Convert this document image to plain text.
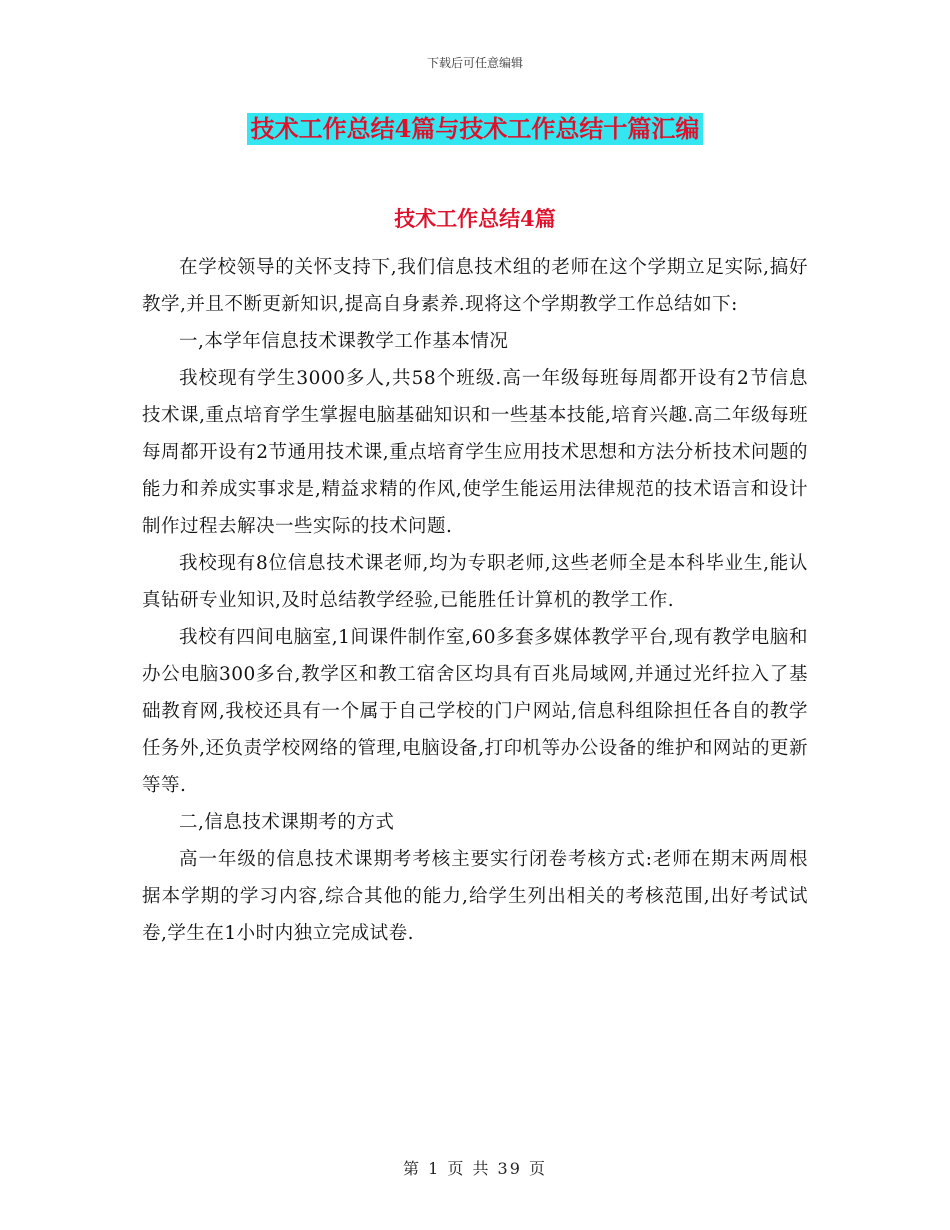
下载后可任意编辑
技术工作总结4篇与技术工作总结十篇汇编
技术工作总结4篇

在学校领导的关怀支持下,我们信息技术组的老师在这个学期立足实际,搞好教学,并且不断更新知识,提高自身素养.现将这个学期教学工作总结如下:

一,本学年信息技术课教学工作基本情况

我校现有学生3000多人,共58个班级.高一年级每班每周都开设有2节信息技术课,重点培育学生掌握电脑基础知识和一些基本技能,培育兴趣.高二年级每班每周都开设有2节通用技术课,重点培育学生应用技术思想和方法分析技术问题的能力和养成实事求是,精益求精的作风,使学生能运用法律规范的技术语言和设计制作过程去解决一些实际的技术问题.

我校现有8位信息技术课老师,均为专职老师,这些老师全是本科毕业生,能认真钻研专业知识,及时总结教学经验,已能胜任计算机的教学工作.

我校有四间电脑室,1间课件制作室,60多套多媒体教学平台,现有教学电脑和办公电脑300多台,教学区和教工宿舍区均具有百兆局域网,并通过光纤拉入了基础教育网,我校还具有一个属于自己学校的门户网站,信息科组除担任各自的教学任务外,还负责学校网络的管理,电脑设备,打印机等办公设备的维护和网站的更新等等.

二,信息技术课期考的方式

高一年级的信息技术课期考考核主要实行闭卷考核方式:老师在期末两周根据本学期的学习内容,综合其他的能力,给学生列出相关的考核范围,出好考试试卷,学生在1小时内独立完成试卷.

第 1 页 共 39 页
